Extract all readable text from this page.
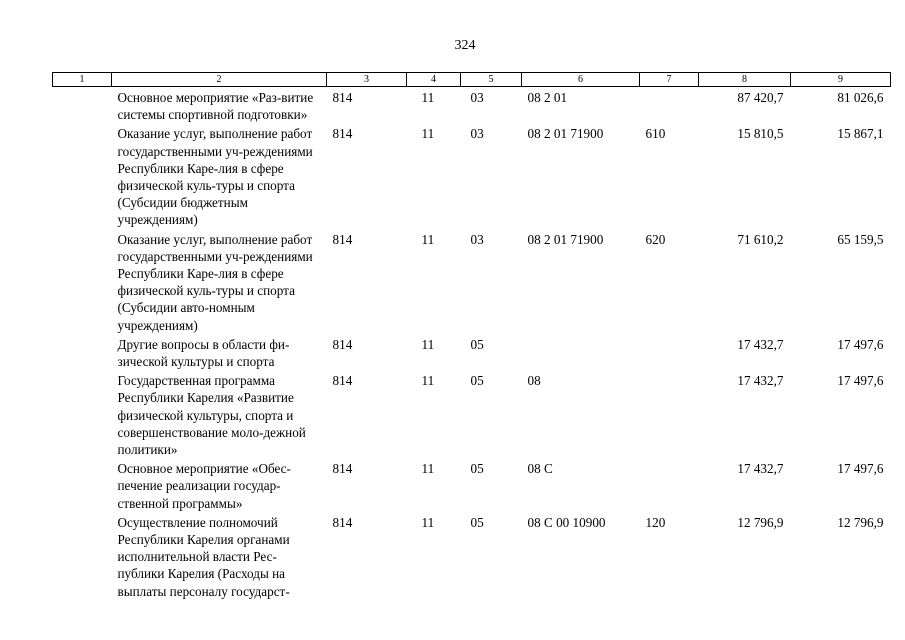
324
1	2	3	4	5	6	7	8	9
	Основное мероприятие «Раз-витие системы спортивной подготовки»	814	11	03	08 2 01		87 420,7	81 026,6
	Оказание услуг, выполнение работ государственными уч-реждениями Республики Каре-лия в сфере физической куль-туры и спорта (Субсидии бюджетным учреждениям)	814	11	03	08 2 01 71900	610	15 810,5	15 867,1
	Оказание услуг, выполнение работ государственными уч-реждениями Республики Каре-лия в сфере физической куль-туры и спорта (Субсидии авто-номным учреждениям)	814	11	03	08 2 01 71900	620	71 610,2	65 159,5
	Другие вопросы в области фи-зической культуры и спорта	814	11	05			17 432,7	17 497,6
	Государственная программа Республики Карелия «Развитие физической культуры, спорта и совершенствование моло-дежной политики»	814	11	05	08		17 432,7	17 497,6
	Основное мероприятие «Обес-печение реализации государ-ственной программы»	814	11	05	08 С		17 432,7	17 497,6
	Осуществление полномочий Республики Карелия органами исполнительной власти Рес-публики Карелия (Расходы на выплаты персоналу государст-	814	11	05	08 С 00 10900	120	12 796,9	12 796,9
